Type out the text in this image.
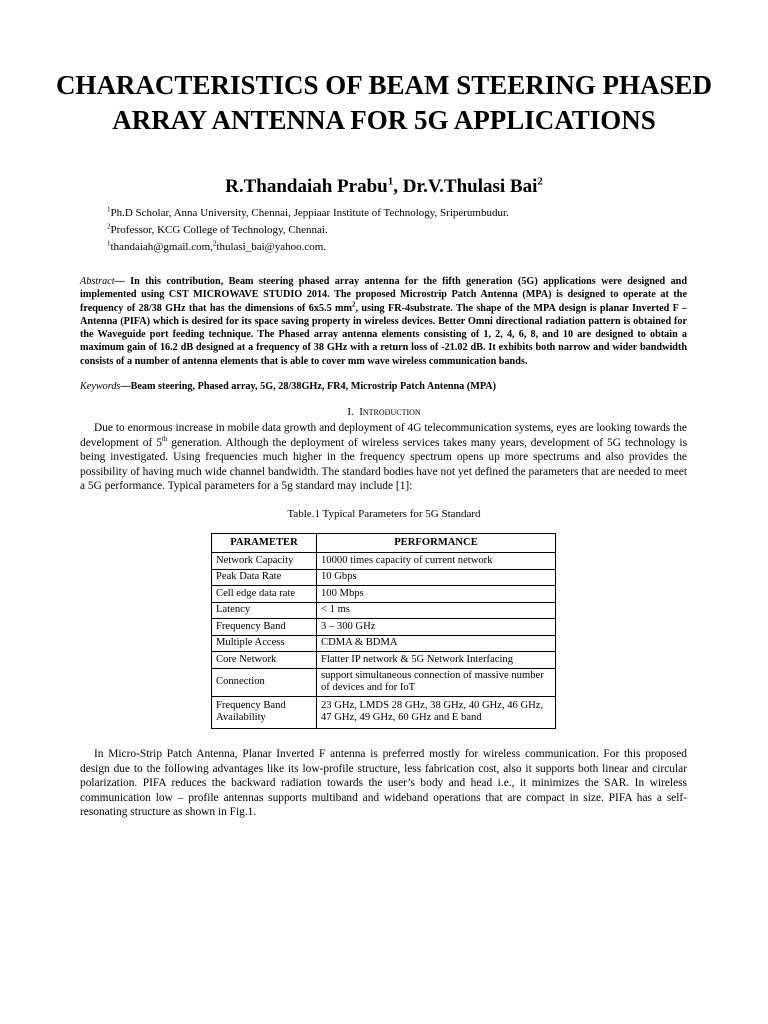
CHARACTERISTICS OF BEAM STEERING PHASED ARRAY ANTENNA FOR 5G APPLICATIONS
R.Thandaiah Prabu$^1$, Dr.V.Thulasi Bai$^2$
$^1$Ph.D Scholar, Anna University, Chennai, Jeppiaar Institute of Technology, Sriperumbudur.
$^2$Professor, KCG College of Technology, Chennai.
$^1$thandaiah@gmail.com,$^2$thulasi_bai@yahoo.com.
Abstract— In this contribution, Beam steering phased array antenna for the fifth generation (5G) applications were designed and implemented using CST MICROWAVE STUDIO 2014. The proposed Microstrip Patch Antenna (MPA) is designed to operate at the frequency of 28/38 GHz that has the dimensions of 6x5.5 $mm^2$, using FR-4substrate. The shape of the MPA design is planar Inverted F – Antenna (PIFA) which is desired for its space saving property in wireless devices. Better Omni directional radiation pattern is obtained for the Waveguide port feeding technique. The Phased array antenna elements consisting of 1, 2, 4, 6, 8, and 10 are designed to obtain a maximum gain of 16.2 dB designed at a frequency of 38 GHz with a return loss of -21.02 dB. It exhibits both narrow and wider bandwidth consists of a number of antenna elements that is able to cover mm wave wireless communication bands.
Keywords—Beam steering, Phased array, 5G, 28/38GHz, FR4, Microstrip Patch Antenna (MPA)
I. Introduction
Due to enormous increase in mobile data growth and deployment of 4G telecommunication systems, eyes are looking towards the development of 5th generation. Although the deployment of wireless services takes many years, development of 5G technology is being investigated. Using frequencies much higher in the frequency spectrum opens up more spectrums and also provides the possibility of having much wide channel bandwidth. The standard bodies have not yet defined the parameters that are needed to meet a 5G performance. Typical parameters for a 5g standard may include [1]:
Table.1 Typical Parameters for 5G Standard
PARAMETER	PERFORMANCE
Network Capacity	10000 times capacity of current network
Peak Data Rate	10 Gbps
Cell edge data rate	100 Mbps
Latency	< 1 ms
Frequency Band	3 – 300 GHz
Multiple Access	CDMA & BDMA
Core Network	Flatter IP network & 5G Network Interfacing
Connection	support simultaneous connection of massive number of devices and for IoT
Frequency Band Availability	23 GHz, LMDS 28 GHz, 38 GHz, 40 GHz, 46 GHz, 47 GHz, 49 GHz, 60 GHz and E band
In Micro-Strip Patch Antenna, Planar Inverted F antenna is preferred mostly for wireless communication. For this proposed design due to the following advantages like its low-profile structure, less fabrication cost, also it supports both linear and circular polarization. PIFA reduces the backward radiation towards the user’s body and head i.e., it minimizes the SAR. In wireless communication low – profile antennas supports multiband and wideband operations that are compact in size. PIFA has a self-resonating structure as shown in Fig.1.
